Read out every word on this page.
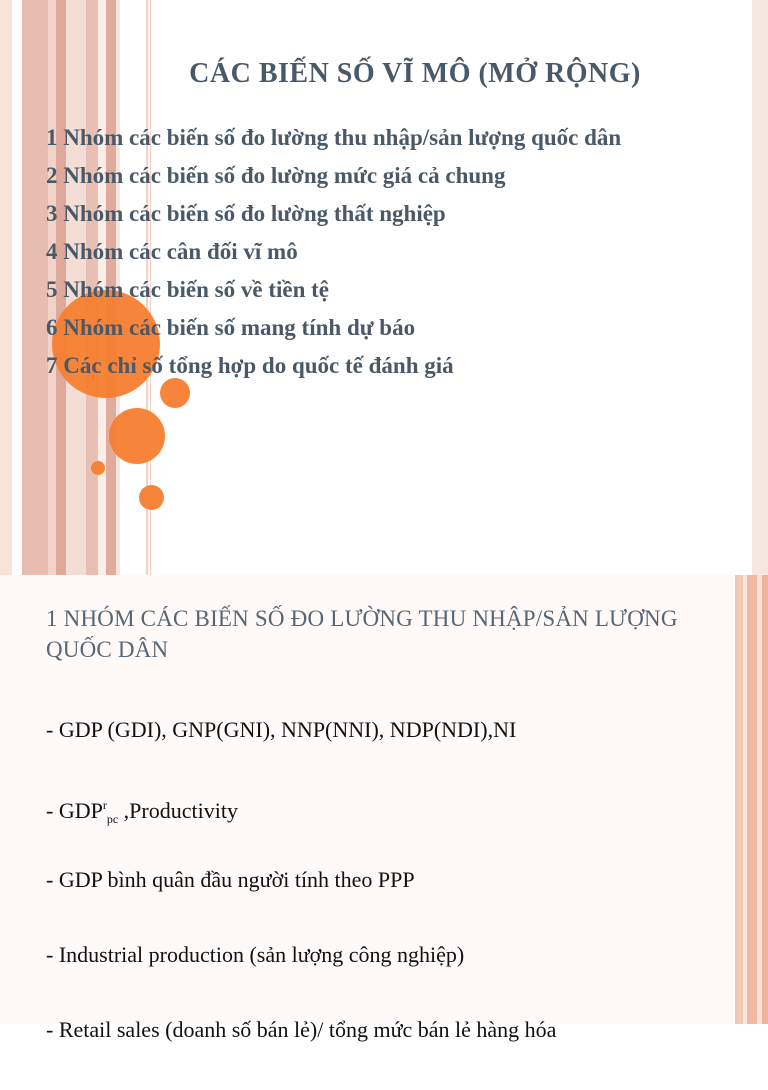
CÁC BIẾN SỐ VĨ MÔ (MỞ RỘNG)
1 Nhóm các biến số đo lường thu nhập/sản lượng quốc dân
2 Nhóm các biến số đo lường mức giá cả chung
3 Nhóm các biến số đo lường thất nghiệp
4 Nhóm các cân đối vĩ mô
5 Nhóm các biến số về tiền tệ
6 Nhóm các biến số mang tính dự báo
7 Các chỉ số tổng hợp do quốc tế đánh giá
1 NHÓM CÁC BIẾN SỐ ĐO LƯỜNG THU NHẬP/SẢN LƯỢNG QUỐC DÂN
- GDP (GDI), GNP(GNI), NNP(NNI), NDP(NDI),NI
- $GDP^r_{pc}$ ,Productivity
- GDP bình quân đầu người tính theo PPP
- Industrial production (sản lượng công nghiệp)
- Retail sales (doanh số bán lẻ)/ tổng mức bán lẻ hàng hóa
